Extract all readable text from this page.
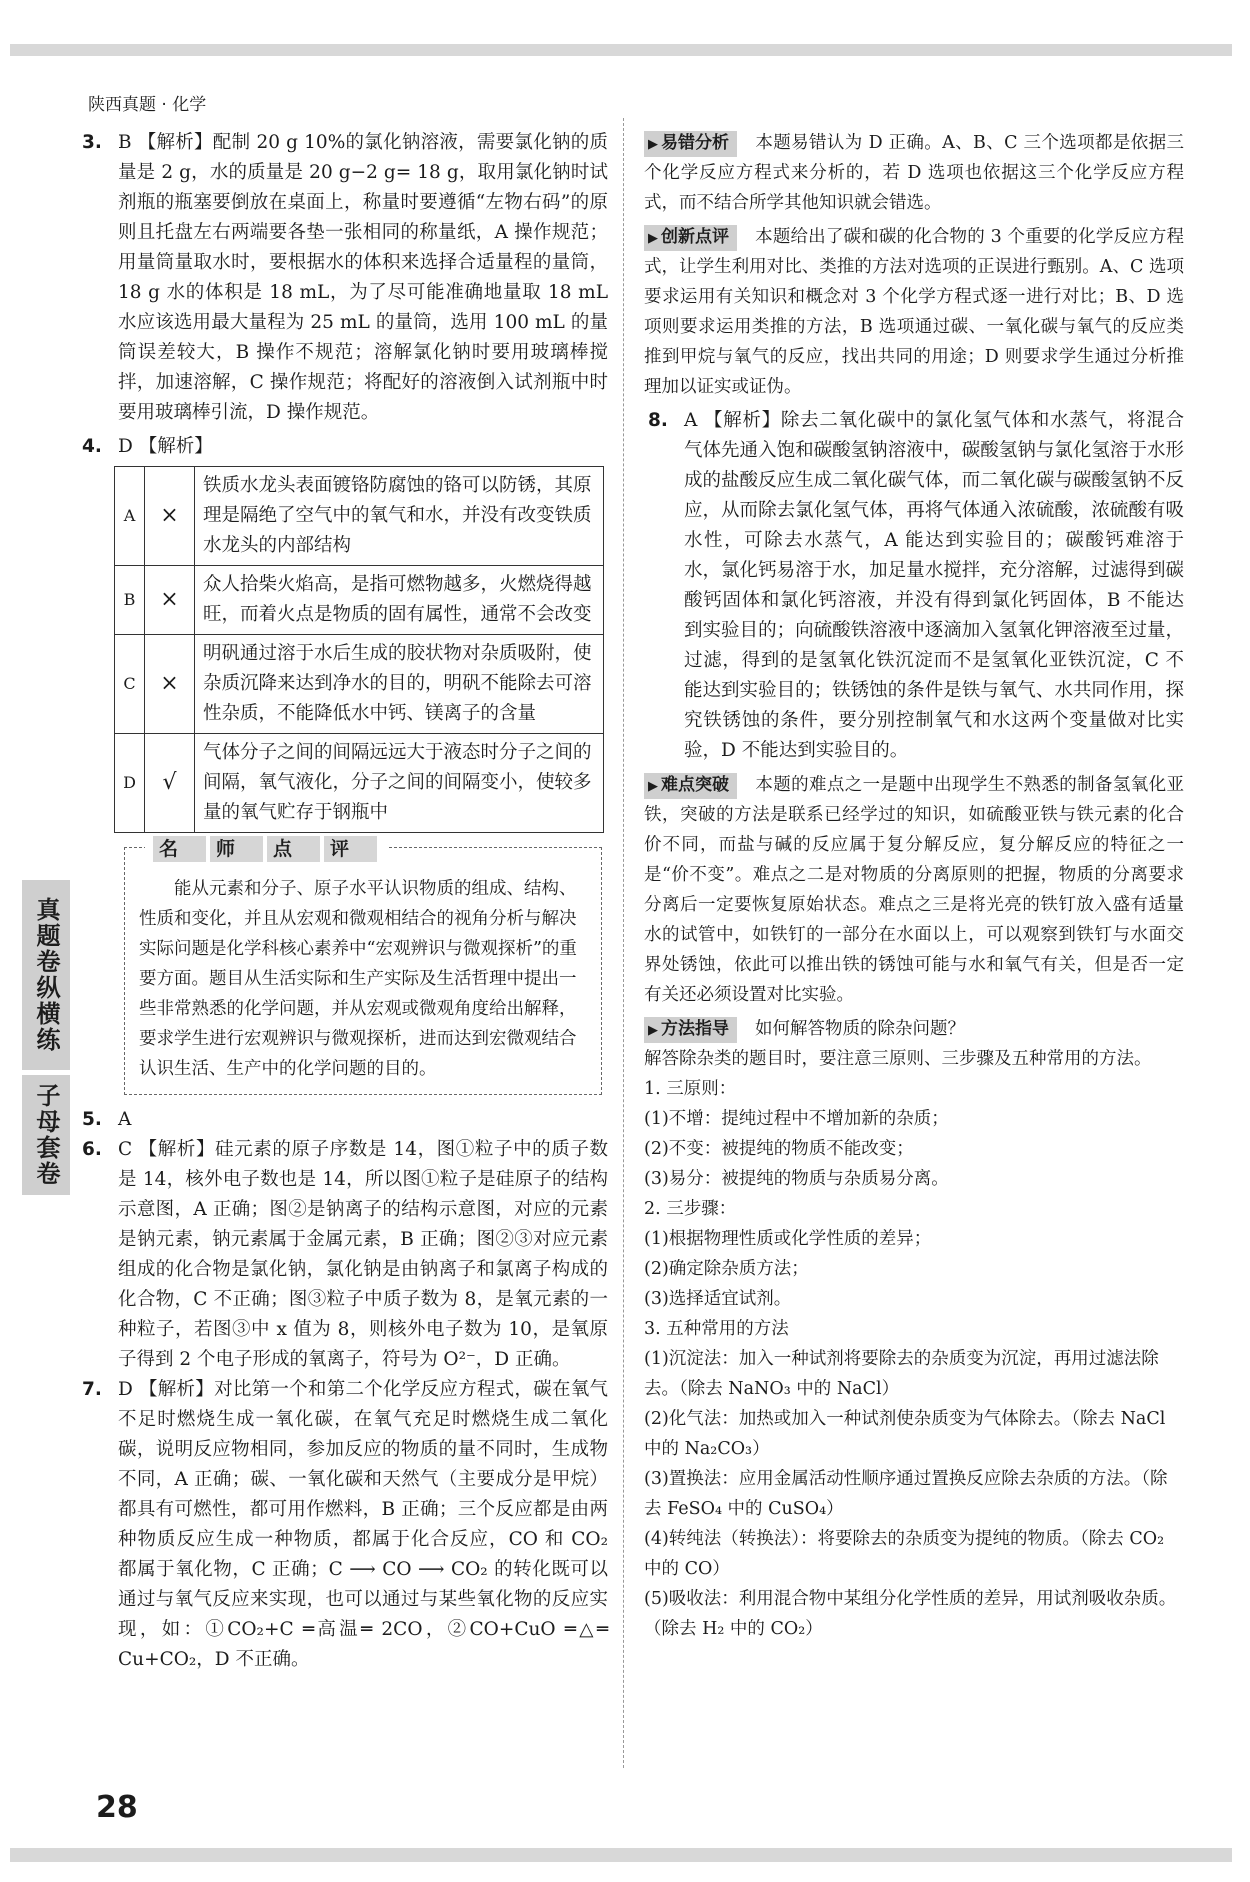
陕西真题 · 化学
真题卷纵横练
子母套卷
3. B 【解析】配制 20 g 10%的氯化钠溶液，需要氯化钠的质量是 2 g，水的质量是 20 g−2 g= 18 g，取用氯化钠时试剂瓶的瓶塞要倒放在桌面上，称量时要遵循“左物右码”的原则且托盘左右两端要各垫一张相同的称量纸，A 操作规范；用量筒量取水时，要根据水的体积来选择合适量程的量筒，18 g 水的体积是 18 mL，为了尽可能准确地量取 18 mL 水应该选用最大量程为 25 mL 的量筒，选用 100 mL 的量筒误差较大，B 操作不规范；溶解氯化钠时要用玻璃棒搅拌，加速溶解，C 操作规范；将配好的溶液倒入试剂瓶中时要用玻璃棒引流，D 操作规范。
4. D 【解析】
A	×	铁质水龙头表面镀铬防腐蚀的铬可以防锈，其原理是隔绝了空气中的氧气和水，并没有改变铁质水龙头的内部结构
B	×	众人拾柴火焰高，是指可燃物越多，火燃烧得越旺，而着火点是物质的固有属性，通常不会改变
C	×	明矾通过溶于水后生成的胶状物对杂质吸附，使杂质沉降来达到净水的目的，明矾不能除去可溶性杂质，不能降低水中钙、镁离子的含量
D	√	气体分子之间的间隔远远大于液态时分子之间的间隔，氧气液化，分子之间的间隔变小，使较多量的氧气贮存于钢瓶中
名 师 点 评
能从元素和分子、原子水平认识物质的组成、结构、性质和变化，并且从宏观和微观相结合的视角分析与解决实际问题是化学科核心素养中“宏观辨识与微观探析”的重要方面。题目从生活实际和生产实际及生活哲理中提出一些非常熟悉的化学问题，并从宏观或微观角度给出解释，要求学生进行宏观辨识与微观探析，进而达到宏微观结合认识生活、生产中的化学问题的目的。
5. A
6. C 【解析】硅元素的原子序数是 14，图①粒子中的质子数是 14，核外电子数也是 14，所以图①粒子是硅原子的结构示意图，A 正确；图②是钠离子的结构示意图，对应的元素是钠元素，钠元素属于金属元素，B 正确；图②③对应元素组成的化合物是氯化钠，氯化钠是由钠离子和氯离子构成的化合物，C 不正确；图③粒子中质子数为 8，是氧元素的一种粒子，若图③中 x 值为 8，则核外电子数为 10，是氧原子得到 2 个电子形成的氧离子，符号为 O²⁻，D 正确。
7. D 【解析】对比第一个和第二个化学反应方程式，碳在氧气不足时燃烧生成一氧化碳，在氧气充足时燃烧生成二氧化碳，说明反应物相同，参加反应的物质的量不同时，生成物不同，A 正确；碳、一氧化碳和天然气（主要成分是甲烷）都具有可燃性，都可用作燃料，B 正确；三个反应都是由两种物质反应生成一种物质，都属于化合反应，CO 和 CO₂ 都属于氧化物，C 正确；C ⟶ CO ⟶ CO₂ 的转化既可以通过与氧气反应来实现，也可以通过与某些氧化物的反应实现，如：①CO₂+C ═高温═ 2CO，②CO+CuO ═△═ Cu+CO₂，D 不正确。
▶ 易错分析 本题易错认为 D 正确。A、B、C 三个选项都是依据三个化学反应方程式来分析的，若 D 选项也依据这三个化学反应方程式，而不结合所学其他知识就会错选。
▶ 创新点评 本题给出了碳和碳的化合物的 3 个重要的化学反应方程式，让学生利用对比、类推的方法对选项的正误进行甄别。A、C 选项要求运用有关知识和概念对 3 个化学方程式逐一进行对比；B、D 选项则要求运用类推的方法，B 选项通过碳、一氧化碳与氧气的反应类推到甲烷与氧气的反应，找出共同的用途；D 则要求学生通过分析推理加以证实或证伪。
8. A 【解析】除去二氧化碳中的氯化氢气体和水蒸气，将混合气体先通入饱和碳酸氢钠溶液中，碳酸氢钠与氯化氢溶于水形成的盐酸反应生成二氧化碳气体，而二氧化碳与碳酸氢钠不反应，从而除去氯化氢气体，再将气体通入浓硫酸，浓硫酸有吸水性，可除去水蒸气，A 能达到实验目的；碳酸钙难溶于水，氯化钙易溶于水，加足量水搅拌，充分溶解，过滤得到碳酸钙固体和氯化钙溶液，并没有得到氯化钙固体，B 不能达到实验目的；向硫酸铁溶液中逐滴加入氢氧化钾溶液至过量，过滤，得到的是氢氧化铁沉淀而不是氢氧化亚铁沉淀，C 不能达到实验目的；铁锈蚀的条件是铁与氧气、水共同作用，探究铁锈蚀的条件，要分别控制氧气和水这两个变量做对比实验，D 不能达到实验目的。
▶ 难点突破 本题的难点之一是题中出现学生不熟悉的制备氢氧化亚铁，突破的方法是联系已经学过的知识，如硫酸亚铁与铁元素的化合价不同，而盐与碱的反应属于复分解反应，复分解反应的特征之一是“价不变”。难点之二是对物质的分离原则的把握，物质的分离要求分离后一定要恢复原始状态。难点之三是将光亮的铁钉放入盛有适量水的试管中，如铁钉的一部分在水面以上，可以观察到铁钉与水面交界处锈蚀，依此可以推出铁的锈蚀可能与水和氧气有关，但是否一定有关还必须设置对比实验。
▶ 方法指导 如何解答物质的除杂问题？
解答除杂类的题目时，要注意三原则、三步骤及五种常用的方法。
1. 三原则：
(1)不增：提纯过程中不增加新的杂质；
(2)不变：被提纯的物质不能改变；
(3)易分：被提纯的物质与杂质易分离。
2. 三步骤：
(1)根据物理性质或化学性质的差异；
(2)确定除杂质方法；
(3)选择适宜试剂。
3. 五种常用的方法
(1)沉淀法：加入一种试剂将要除去的杂质变为沉淀，再用过滤法除去。（除去 NaNO₃ 中的 NaCl）
(2)化气法：加热或加入一种试剂使杂质变为气体除去。（除去 NaCl 中的 Na₂CO₃）
(3)置换法：应用金属活动性顺序通过置换反应除去杂质的方法。（除去 FeSO₄ 中的 CuSO₄）
(4)转纯法（转换法）：将要除去的杂质变为提纯的物质。（除去 CO₂ 中的 CO）
(5)吸收法：利用混合物中某组分化学性质的差异，用试剂吸收杂质。（除去 H₂ 中的 CO₂）
28
